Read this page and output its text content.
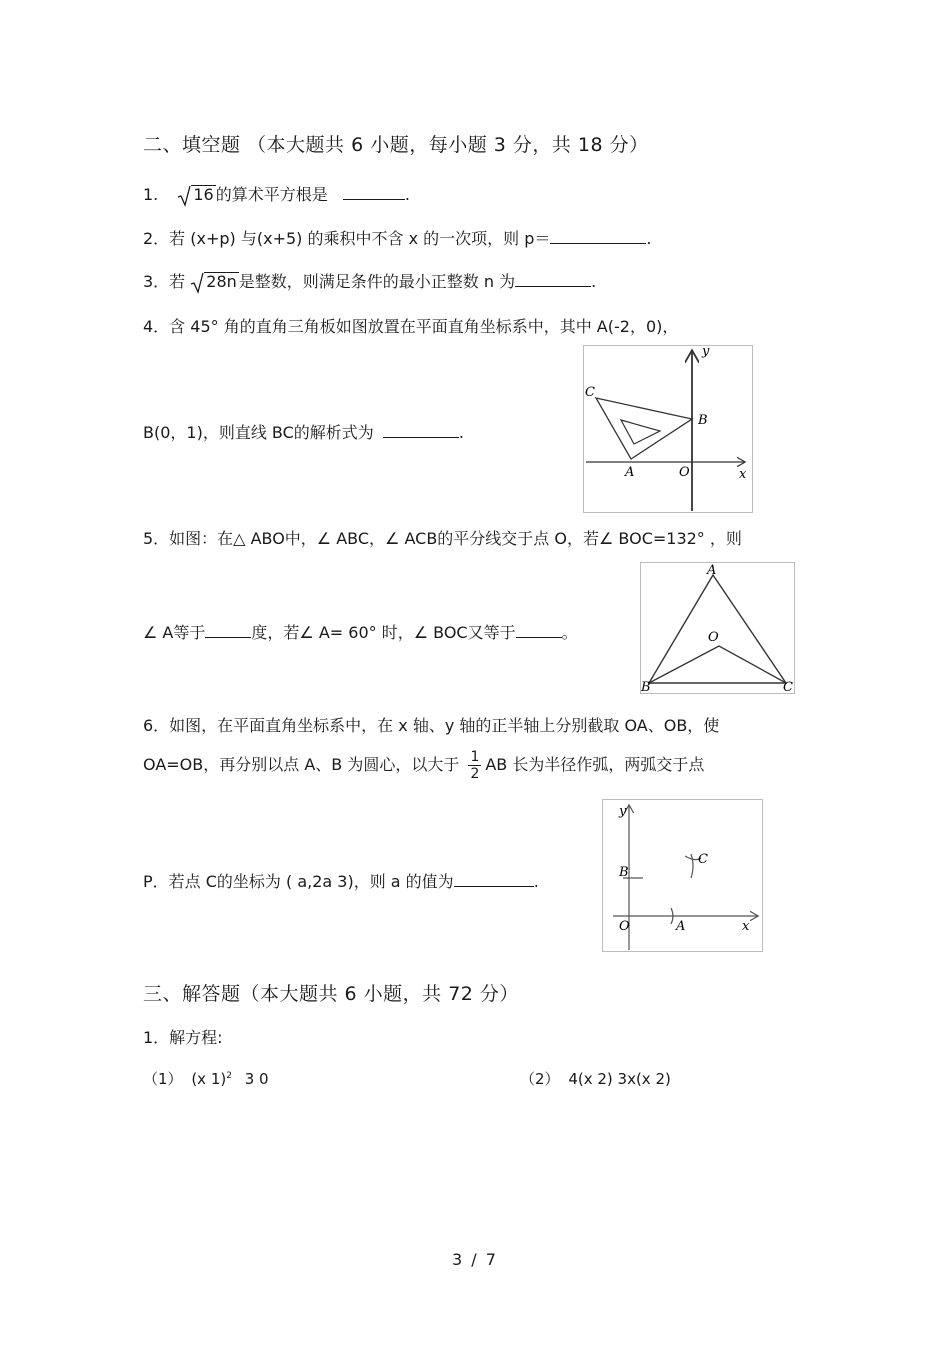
二、填空题 （本大题共 6 小题，每小题 3 分，共 18 分）
1. 16 的算术平方根是	.
2．若 (x+p) 与(x+5) 的乘积中不含 x 的一次项，则 p＝	.
3．若 28n 是整数，则满足条件的最小正整数 n 为	.
4．含 45° 角的直角三角板如图放置在平面直角坐标系中，其中 A(-2，0)，
B(0，1)，则直线 BC的解析式为	.
y
x
C
B
A	O
5．如图：在△ ABO中，∠ ABC，∠ ACB的平分线交于点 O，若∠ BOC=132° ，则
∠ A等于	度，若∠ A= 60° 时，∠ BOC又等于	。
A
O
B	C
6．如图，在平面直角坐标系中，在 x 轴、y 轴的正半轴上分别截取 OA、OB，使
OA=OB，再分别以点 A、B 为圆心，以大于 $\frac{1}{2}$ AB 长为半径作弧，两弧交于点
P．若点 C的坐标为 ( a,2a 3)，则 a 的值为	.
y
B
C
O	A	x
三、解答题（本大题共 6 小题，共 72 分）
1．解方程:
（1） (x 1)$^2$ 3 0	（2） 4(x 2) 3x(x 2)
3 / 7
